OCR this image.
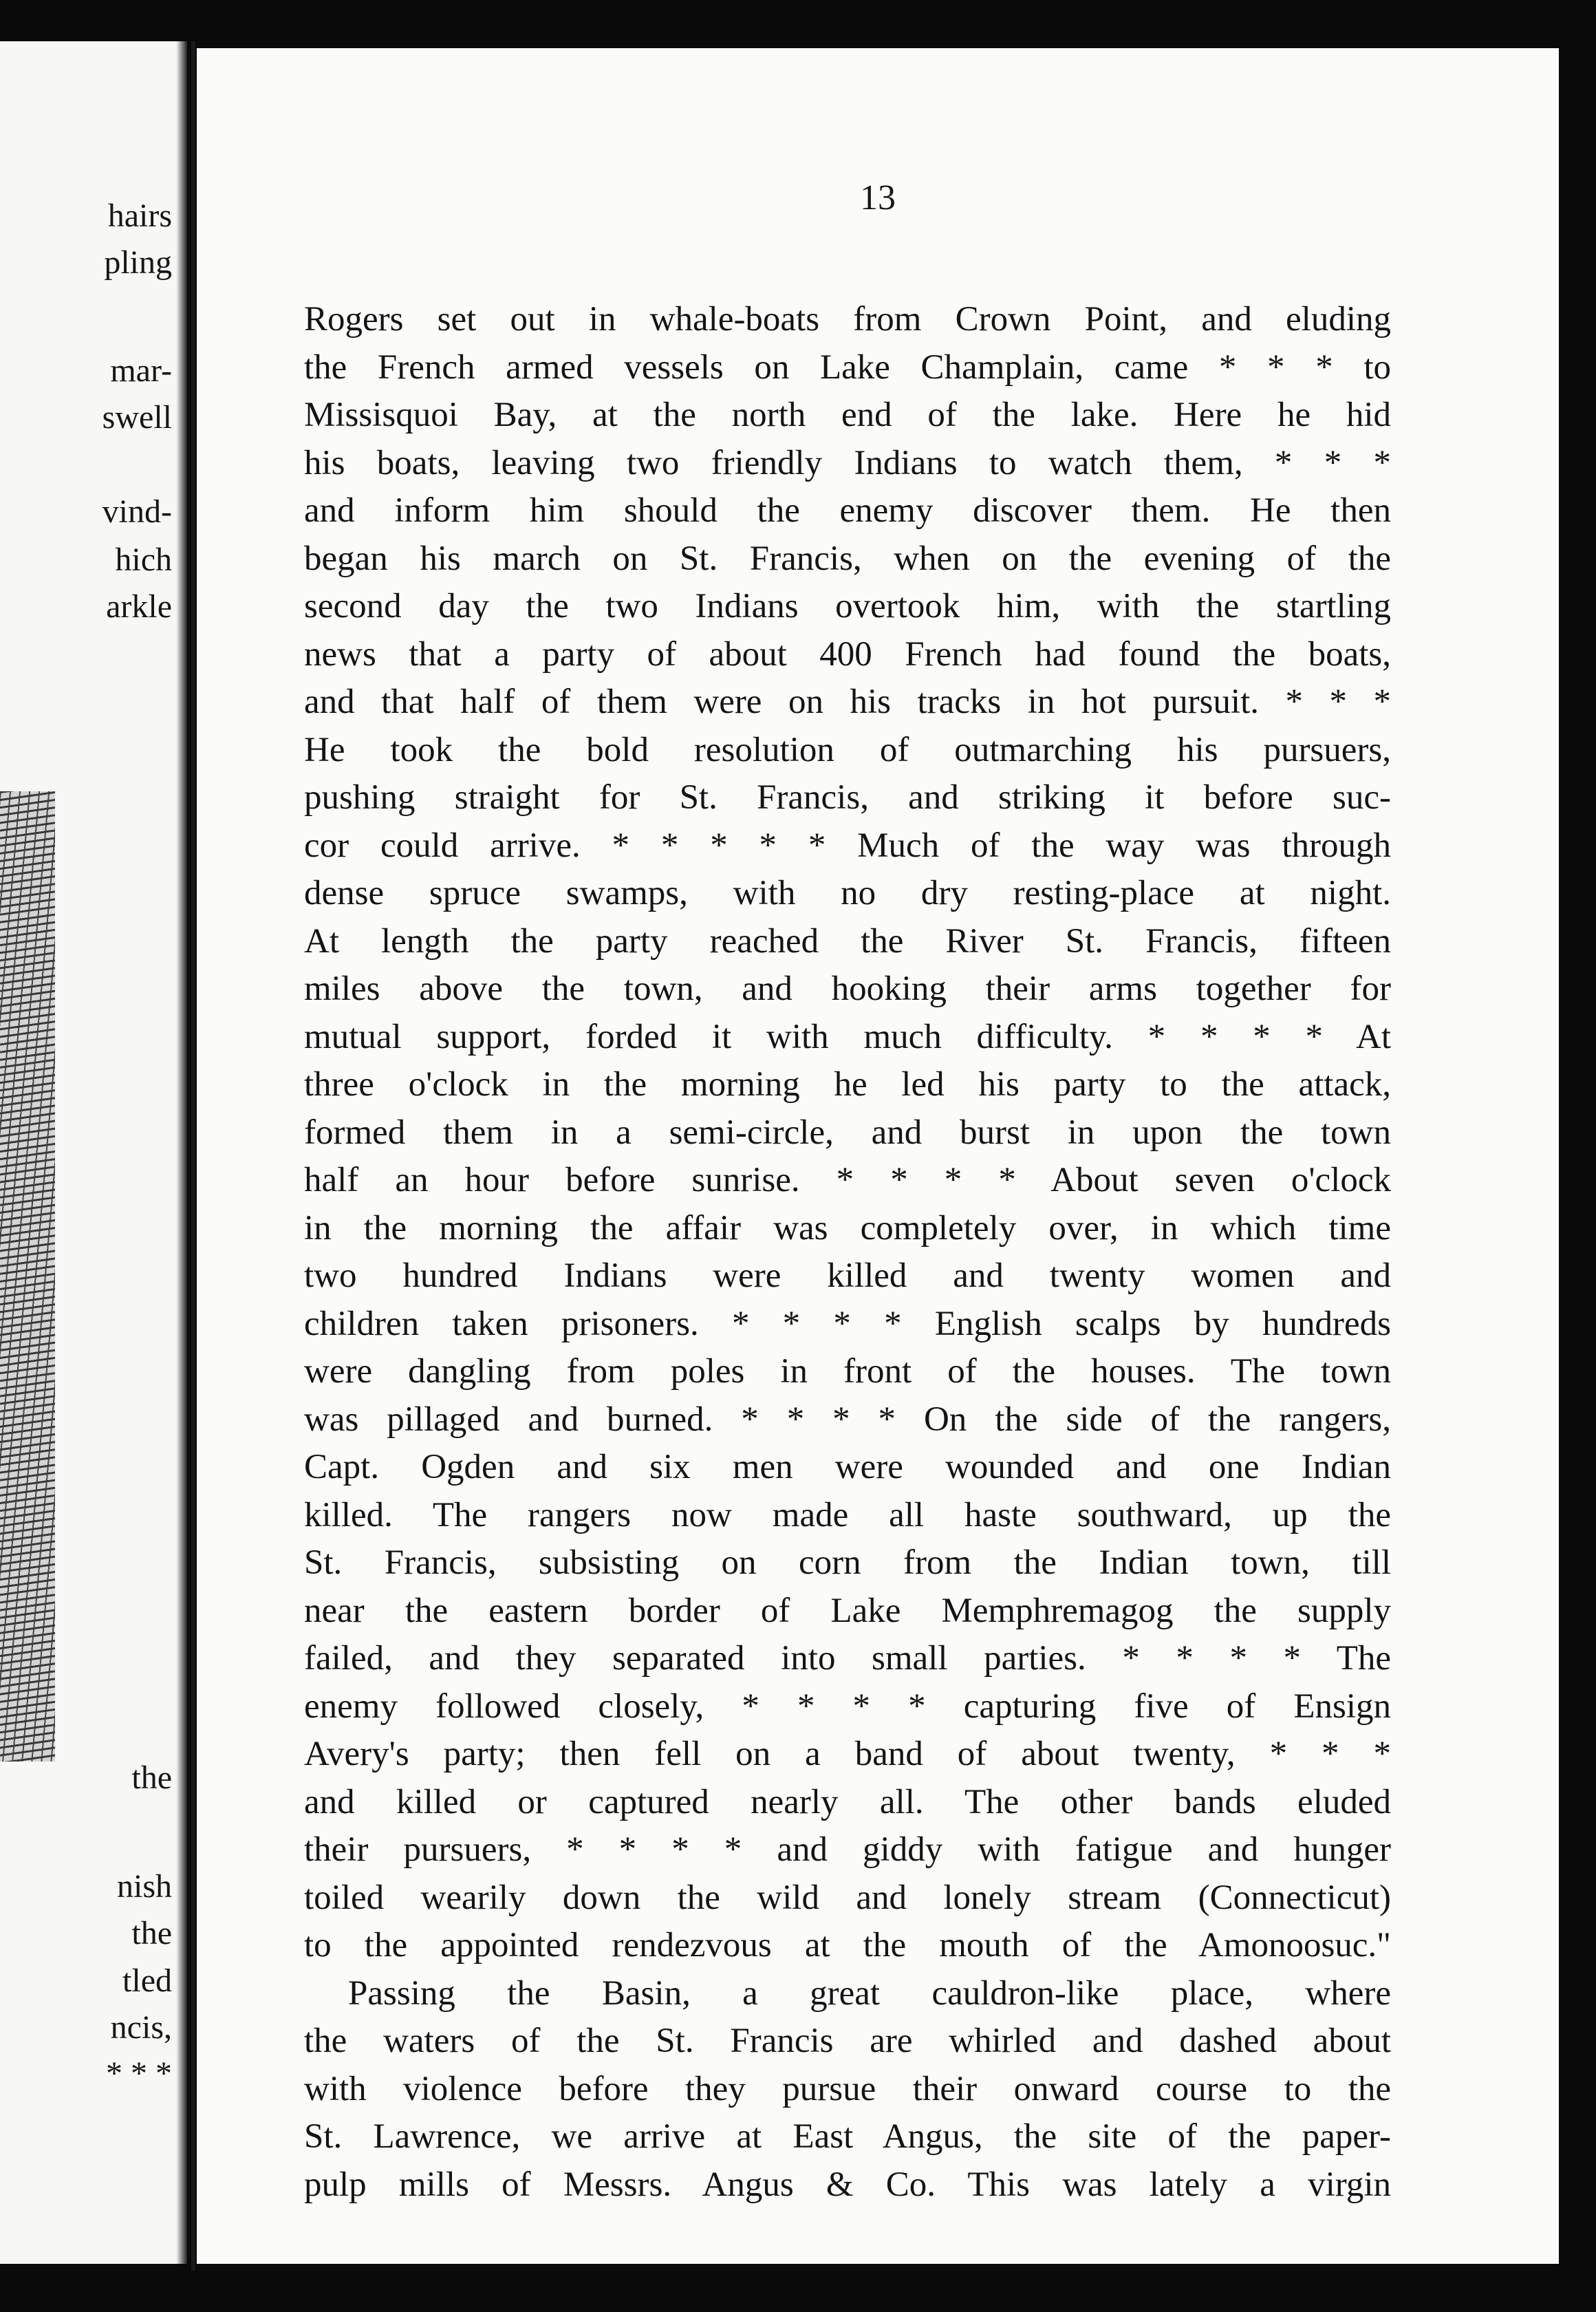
hairs
pling
mar-
swell
vind-
hich
arkle
the
nish
the
tled
ncis,
* * *
13
Rogers set out in whale-boats from Crown Point, and eluding
the French armed vessels on Lake Champlain, came * * * to
Missisquoi Bay, at the north end of the lake. Here he hid
his boats, leaving two friendly Indians to watch them, * * *
and inform him should the enemy discover them. He then
began his march on St. Francis, when on the evening of the
second day the two Indians overtook him, with the startling
news that a party of about 400 French had found the boats,
and that half of them were on his tracks in hot pursuit. * * *
He took the bold resolution of outmarching his pursuers,
pushing straight for St. Francis, and striking it before suc-
cor could arrive. * * * * * Much of the way was through
dense spruce swamps, with no dry resting-place at night.
At length the party reached the River St. Francis, fifteen
miles above the town, and hooking their arms together for
mutual support, forded it with much difficulty. * * * * At
three o'clock in the morning he led his party to the attack,
formed them in a semi-circle, and burst in upon the town
half an hour before sunrise. * * * * About seven o'clock
in the morning the affair was completely over, in which time
two hundred Indians were killed and twenty women and
children taken prisoners. * * * * English scalps by hundreds
were dangling from poles in front of the houses. The town
was pillaged and burned. * * * * On the side of the rangers,
Capt. Ogden and six men were wounded and one Indian
killed. The rangers now made all haste southward, up the
St. Francis, subsisting on corn from the Indian town, till
near the eastern border of Lake Memphremagog the supply
failed, and they separated into small parties. * * * * The
enemy followed closely, * * * * capturing five of Ensign
Avery's party; then fell on a band of about twenty, * * *
and killed or captured nearly all. The other bands eluded
their pursuers, * * * * and giddy with fatigue and hunger
toiled wearily down the wild and lonely stream (Connecticut)
to the appointed rendezvous at the mouth of the Amonoosuc."
Passing the Basin, a great cauldron-like place, where
the waters of the St. Francis are whirled and dashed about
with violence before they pursue their onward course to the
St. Lawrence, we arrive at East Angus, the site of the paper-
pulp mills of Messrs. Angus & Co. This was lately a virgin
